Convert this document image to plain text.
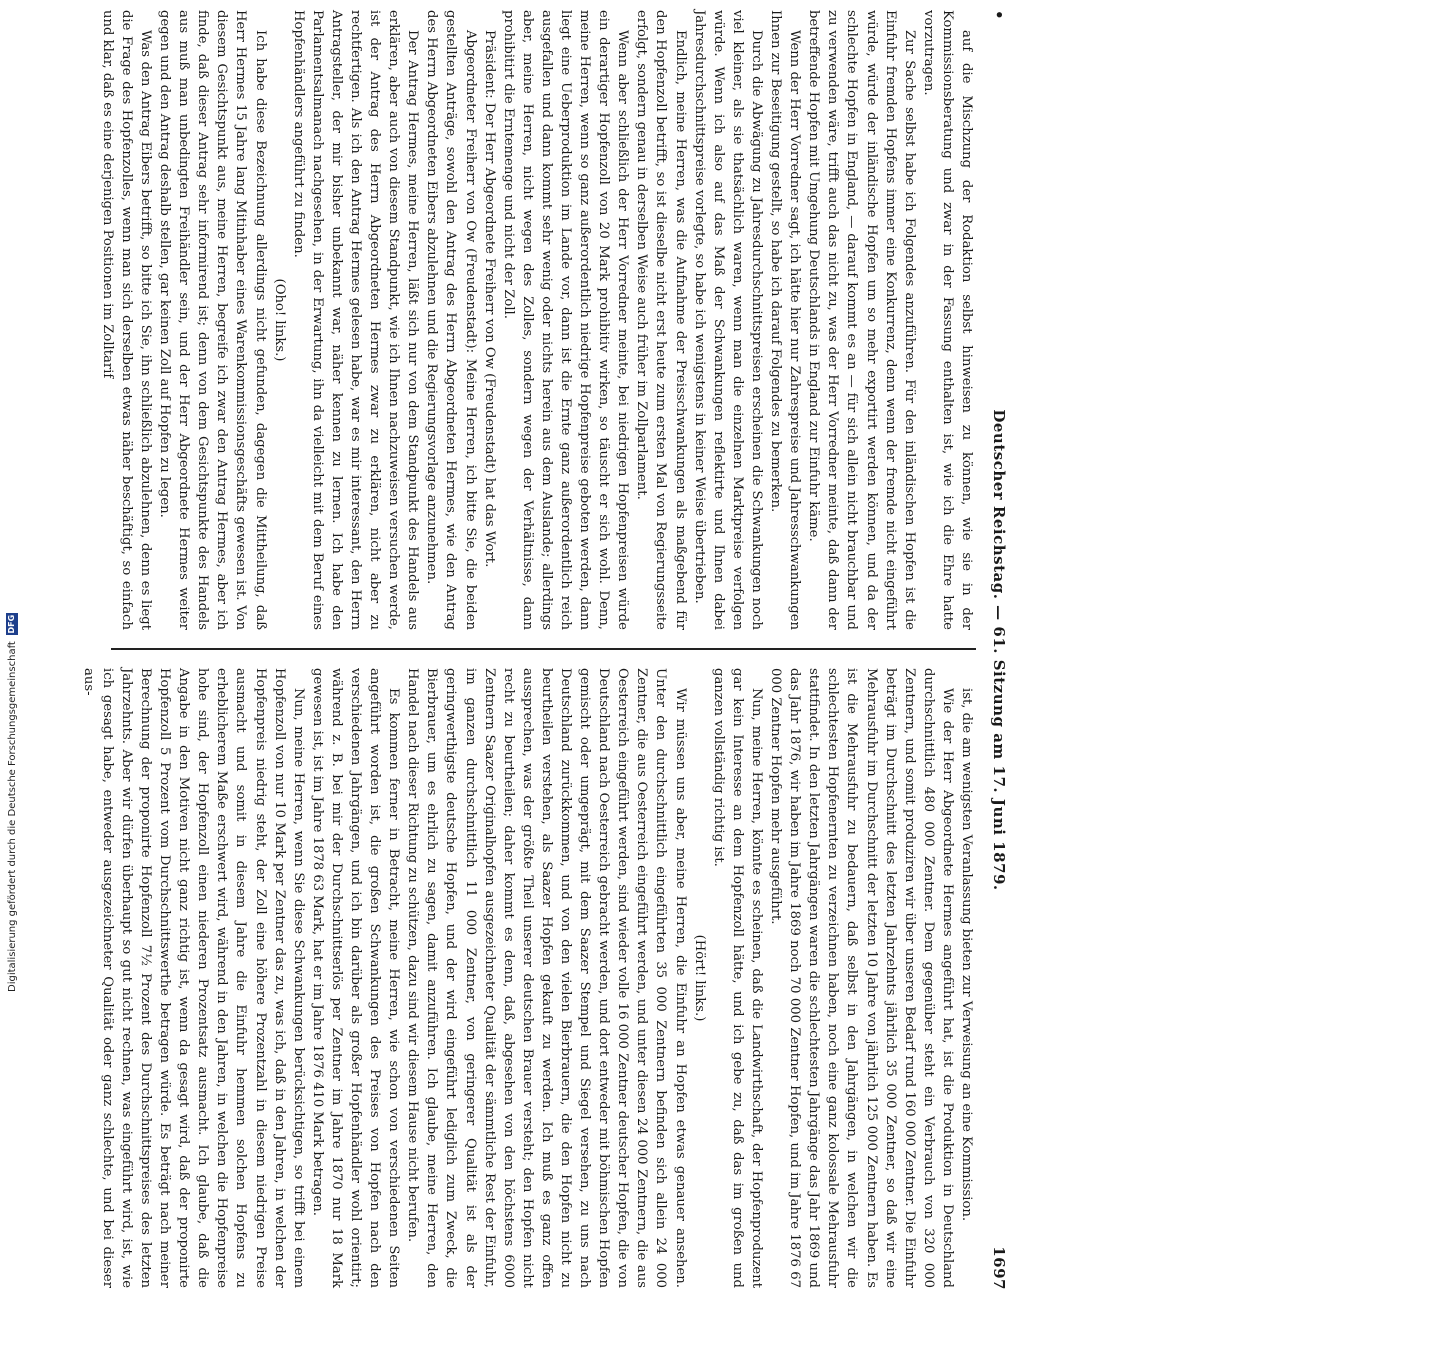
•
Deutscher Reichstag. — 61. Sitzung am 17. Juni 1879.
1697

auf die Mischzung der Rodaktion selbst hinweisen zu können, wie sie in der Kommissionsberatung und zwar in der Fassung enthalten ist, wie ich die Ehre hatte vorzutragen.

Zur Sache selbst habe ich Folgendes anzuführen. Für den inländischen Hopfen ist die Einfuhr fremden Hopfens immer eine Konkurrenz, denn wenn der fremde nicht eingeführt würde, würde der inländische Hopfen um so mehr exportirt werden können, und da der schlechte Hopfen in England, — darauf kommt es an — für sich allein nicht brauchbar und zu verwenden wäre, trifft auch das nicht zu, was der Herr Vorredner meinte, daß dann der betreffende Hopfen mit Umgehung Deutschlands in England zur Einfuhr käme.

Wenn der Herr Vorredner sagt, ich hätte hier nur Zahrespreise und Jahresschwankungen Ihnen zur Beseitigung gestellt, so habe ich darauf Folgendes zu bemerken.

Durch die Abwägung zu Jahresdurchschnittspreisen erscheinen die Schwankungen noch viel kleiner, als sie thatsächlich waren, wenn man die einzelnen Marktpreise verfolgen würde. Wenn ich also auf das Maß der Schwankungen reflektirte und Ihnen dabei Jahresdurchschnittspreise vorlegte, so habe ich wenigstens in keiner Weise übertrieben.

Endlich, meine Herren, was die Aufnahme der Preisschwankungen als maßgebend für den Hopfenzoll betrifft, so ist dieselbe nicht erst heute zum ersten Mal von Regierungsseite erfolgt, sondern genau in derselben Weise auch früher im Zollparlament.

Wenn aber schließlich der Herr Vorredner meinte, bei niedrigen Hopfenpreisen würde ein derartiger Hopfenzoll von 20 Mark prohibitiv wirken, so täuscht er sich wohl. Denn, meine Herren, wenn so ganz außerordentlich niedrige Hopfenpreise geboten werden, dann liegt eine Ueberproduktion im Lande vor, dann ist die Ernte ganz außerordentlich reich ausgefallen und dann kommt sehr wenig oder nichts herein aus dem Auslande; allerdings aber, meine Herren, nicht wegen des Zolles, sondern wegen der Verhältnisse, dann prohibitirt die Erntemenge und nicht der Zoll.

Präsident: Der Herr Abgeordnete Freiherr von Ow (Freudenstadt) hat das Wort.

Abgeordneter Freiherr von Ow (Freudenstadt): Meine Herren, ich bitte Sie, die beiden gestellten Anträge, sowohl den Antrag des Herrn Abgeordneten Hermes, wie den Antrag des Herrn Abgeordneten Eibers abzulehnen und die Regierungsvorlage anzunehmen.

Der Antrag Hermes, meine Herren, läßt sich nur von dem Standpunkt des Handels aus erklären, aber auch von diesem Standpunkt, wie ich Ihnen nachzuweisen versuchen werde, ist der Antrag des Herrn Abgeordneten Hermes zwar zu erklären, nicht aber zu rechtfertigen. Als ich den Antrag Hermes gelesen habe, war es mir interessant, den Herrn Antragsteller, der mir bisher unbekannt war, näher kennen zu lernen. Ich habe den Parlamentsalmanach nachgesehen, in der Erwartung, ihn da vielleicht mit dem Beruf eines Hopfenhändlers angeführt zu finden.

(Oho! links.)

Ich habe diese Bezeichnung allerdings nicht gefunden, dagegen die Mittheilung, daß Herr Hermes 15 Jahre lang Mitinhaber eines Warenkommissionsgeschäfts gewesen ist. Von diesem Gesichtspunkt aus, meine Herren, begreife ich zwar den Antrag Hermes, aber ich finde, daß dieser Antrag sehr informirend ist; denn von dem Gesichtspunkte des Handels aus muß man unbedingten Freihändler sein, und der Herr Abgeordnete Hermes weiter gegen und den Antrag deshalb stellen, gar keinen Zoll auf Hopfen zu legen.

Was den Antrag Eibers betrifft, so bitte ich Sie, ihn schließlich abzulehnen, denn es liegt die Frage des Hopfenzolles, wenn man sich derselben etwas näher beschäftigt, so einfach und klar, daß es eine derjenigen Positionen im Zolltarif

ist, die am wenigsten Veranlassung bieten zur Verweisung an eine Kommission.

Wie der Herr Abgeordnete Hermes angeführt hat, ist die Produktion in Deutschland durchschnittlich 480 000 Zentner. Dem gegenüber steht ein Verbrauch von 320 000 Zentnern, und somit produziren wir über unseren Bedarf rund 160 000 Zentner. Die Einfuhr beträgt im Durchschnitt des letzten Jahrzehnts jährlich 35 000 Zentner, so daß wir eine Mehrausfuhr im Durchschnitt der letzten 10 Jahre von jährlich 125 000 Zentnern haben. Es ist die Mehrausfuhr zu bedauern, daß selbst in den Jahrgängen, in welchen wir die schlechtesten Hopfenernten zu verzeichnen haben, noch eine ganz kolossale Mehrausfuhr stattfindet. In den letzten Jahrgängen waren die schlechtesten Jahrgänge das Jahr 1869 und das Jahr 1876, wir haben im Jahre 1869 noch 70 000 Zentner Hopfen, und im Jahre 1876 67 000 Zentner Hopfen mehr ausgeführt.

Nun, meine Herren, könnte es scheinen, daß die Landwirthschaft, der Hopfenproduzent gar kein Interesse an dem Hopfenzoll hätte, und ich gebe zu, daß das im großen und ganzen vollständig richtig ist.

(Hört! links.)

Wir müssen uns aber, meine Herren, die Einfuhr an Hopfen etwas genauer ansehen. Unter den durchschnittlich eingeführten 35 000 Zentnern befinden sich allein 24 000 Zentner, die aus Oesterreich eingeführt werden, und unter diesen 24 000 Zentnern, die aus Oesterreich eingeführt werden, sind wieder volle 16 000 Zentner deutscher Hopfen, die von Deutschland nach Oesterreich gebracht werden, und dort entweder mit böhmischen Hopfen gemischt oder umgeprägt, mit dem Saazer Stempel und Siegel versehen, zu uns nach Deutschland zurückkommen, und von den vielen Bierbrauern, die den Hopfen nicht zu beurtheilen verstehen, als Saazer Hopfen gekauft zu werden. Ich muß es ganz offen aussprechen, was der größte Theil unserer deutschen Brauer versteht; den Hopfen nicht recht zu beurtheilen; daher kommt es denn, daß, abgesehen von den höchstens 6000 Zentnern Saazer Originalhopfen ausgezeichneter Qualität der sämmtliche Rest der Einfuhr, im ganzen durchschnittlich 11 000 Zentner, von geringerer Qualität ist als der geringwerthigste deutsche Hopfen, und der wird eingeführt lediglich zum Zweck, die Bierbrauer, um es ehrlich zu sagen, damit anzuführen. Ich glaube, meine Herren, den Handel nach dieser Richtung zu schützen, dazu sind wir diesem Hause nicht berufen.

Es kommen ferner in Betracht, meine Herren, wie schon von verschiedenen Seiten angeführt worden ist, die großen Schwankungen des Preises von Hopfen nach den verschiedenen Jahrgängen, und ich bin darüber als großer Hopfenhändler wohl orientirt; während z. B. bei mir der Durchschnittserlös per Zentner im Jahre 1870 nur 18 Mark gewesen ist, ist im Jahre 1878 63 Mark, hat er im Jahre 1876 410 Mark betragen.

Nun, meine Herren, wenn Sie diese Schwankungen berücksichtigen, so trifft bei einem Hopfenzoll von nur 10 Mark per Zentner das zu, was ich, daß in den Jahren, in welchen der Hopfenpreis niedrig steht, der Zoll eine höhere Prozentzahl in diesem niedrigen Preise ausmacht und somit in diesem Jahre die Einfuhr hemmen solchen Hopfens zu erheblicherem Maße erschwert wird, während in den Jahren, in welchen die Hopfenpreise hohe sind, der Hopfenzoll einen niederen Prozentsatz ausmacht. Ich glaube, daß die Angabe in den Motiven nicht ganz richtig ist, wenn da gesagt wird, daß der proponirte Hopfenzoll 5 Prozent vom Durchschnittswerthe betragen würde. Es beträgt nach meiner Berechnung der proponirte Hopfenzoll 7½ Prozent des Durchschnittspreises des letzten Jahrzehnts. Aber wir dürfen überhaupt so gut nicht rechnen, was eingeführt wird, ist, wie ich gesagt habe, entweder ausgezeichneter Qualität oder ganz schlechte, und bei dieser aus-

Digitalisierung gefördert durch die Deutsche Forschungsgemeinschaft
DFG
